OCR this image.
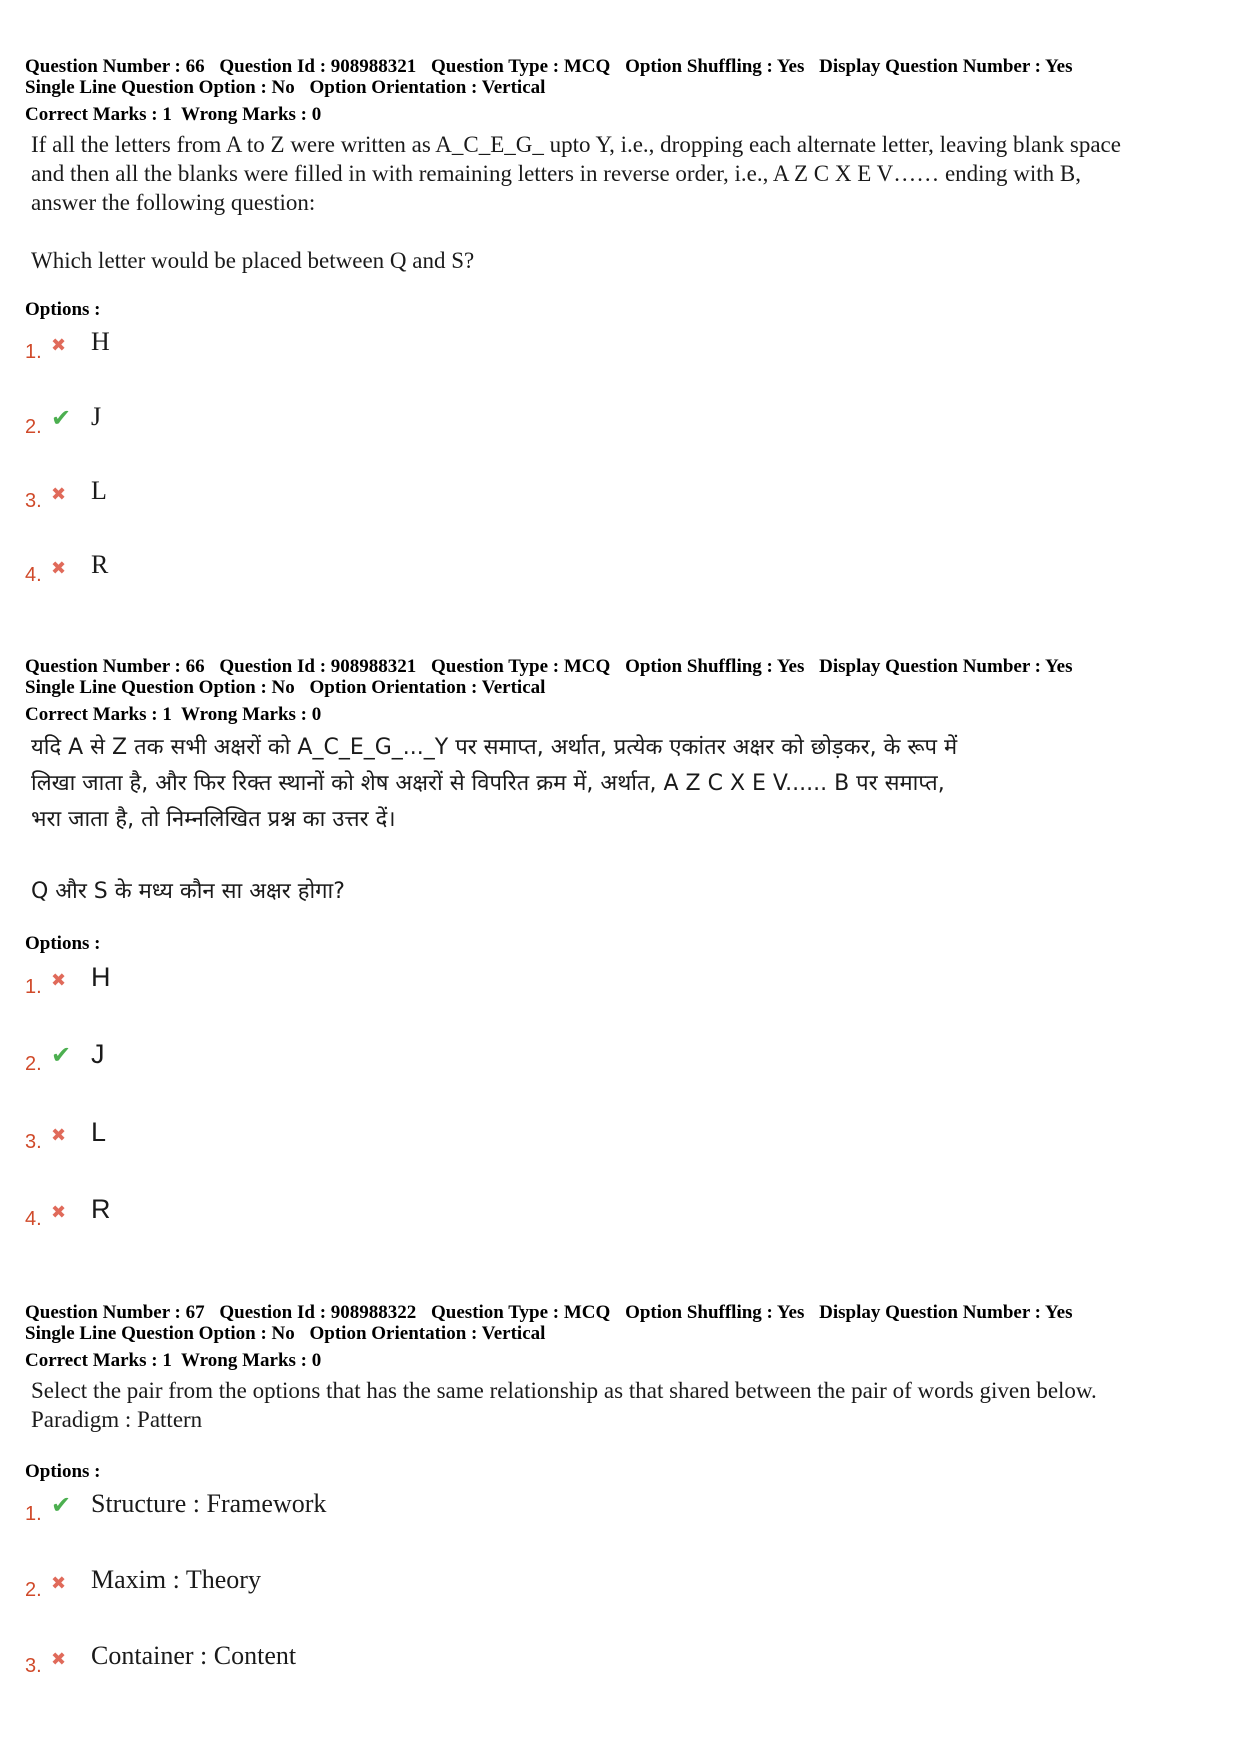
Question Number : 66 Question Id : 908988321 Question Type : MCQ Option Shuffling : Yes Display Question Number : Yes
Single Line Question Option : No Option Orientation : Vertical
Correct Marks : 1 Wrong Marks : 0

If all the letters from A to Z were written as A_C_E_G_ upto Y, i.e., dropping each alternate letter, leaving blank space

and then all the blanks were filled in with remaining letters in reverse order, i.e., A Z C X E V…… ending with B,

answer the following question:

Which letter would be placed between Q and S?

Options :
1. ✖ H
2. ✔ J
3. ✖ L
4. ✖ R
Question Number : 66 Question Id : 908988321 Question Type : MCQ Option Shuffling : Yes Display Question Number : Yes
Single Line Question Option : No Option Orientation : Vertical
Correct Marks : 1 Wrong Marks : 0

यदि A से Z तक सभी अक्षरों को A_C_E_G_..._Y पर समाप्त, अर्थात, प्रत्येक एकांतर अक्षर को छोड़कर, के रूप में

लिखा जाता है, और फिर रिक्त स्थानों को शेष अक्षरों से विपरित क्रम में, अर्थात, A Z C X E V...... B पर समाप्त,

भरा जाता है, तो निम्नलिखित प्रश्न का उत्तर दें।

Q और S के मध्य कौन सा अक्षर होगा?

Options :
1. ✖ H
2. ✔ J
3. ✖ L
4. ✖ R
Question Number : 67 Question Id : 908988322 Question Type : MCQ Option Shuffling : Yes Display Question Number : Yes
Single Line Question Option : No Option Orientation : Vertical
Correct Marks : 1 Wrong Marks : 0

Select the pair from the options that has the same relationship as that shared between the pair of words given below.

Paradigm : Pattern

Options :
1. ✔ Structure : Framework
2. ✖ Maxim : Theory
3. ✖ Container : Content
